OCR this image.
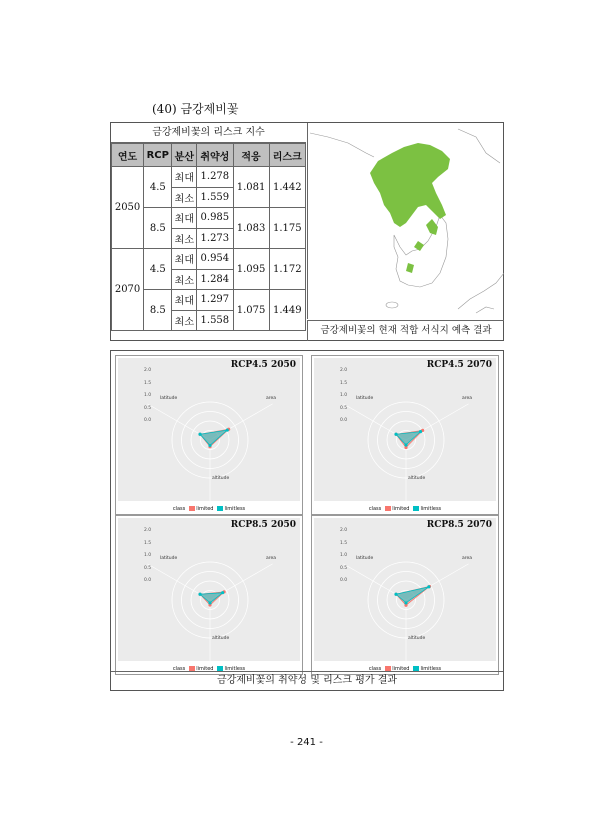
(40) 금강제비꽃
금강제비꽃의 리스크 지수
연도	RCP	분산	취약성	적응	리스크
2050	4.5	최대	1.278	1.081	1.442
		최소	1.559		
	8.5	최대	0.985	1.083	1.175
		최소	1.273		
2070	4.5	최대	0.954	1.095	1.172
		최소	1.284		
	8.5	최대	1.297	1.075	1.449
		최소	1.558		
금강제비꽃의 현재 적합 서식지 예측 결과
RCP4.5 2050
2.0
1.5
1.0
0.5
0.0
area
altitude
latitude
class limited limitless
RCP4.5 2070
2.0
1.5
1.0
0.5
0.0
area
altitude
latitude
class limited limitless
RCP8.5 2050
2.0
1.5
1.0
0.5
0.0
area
altitude
latitude
class limited limitless
RCP8.5 2070
2.0
1.5
1.0
0.5
0.0
area
altitude
latitude
class limited limitless
금강제비꽃의 취약성 및 리스크 평가 결과
- 241 -
